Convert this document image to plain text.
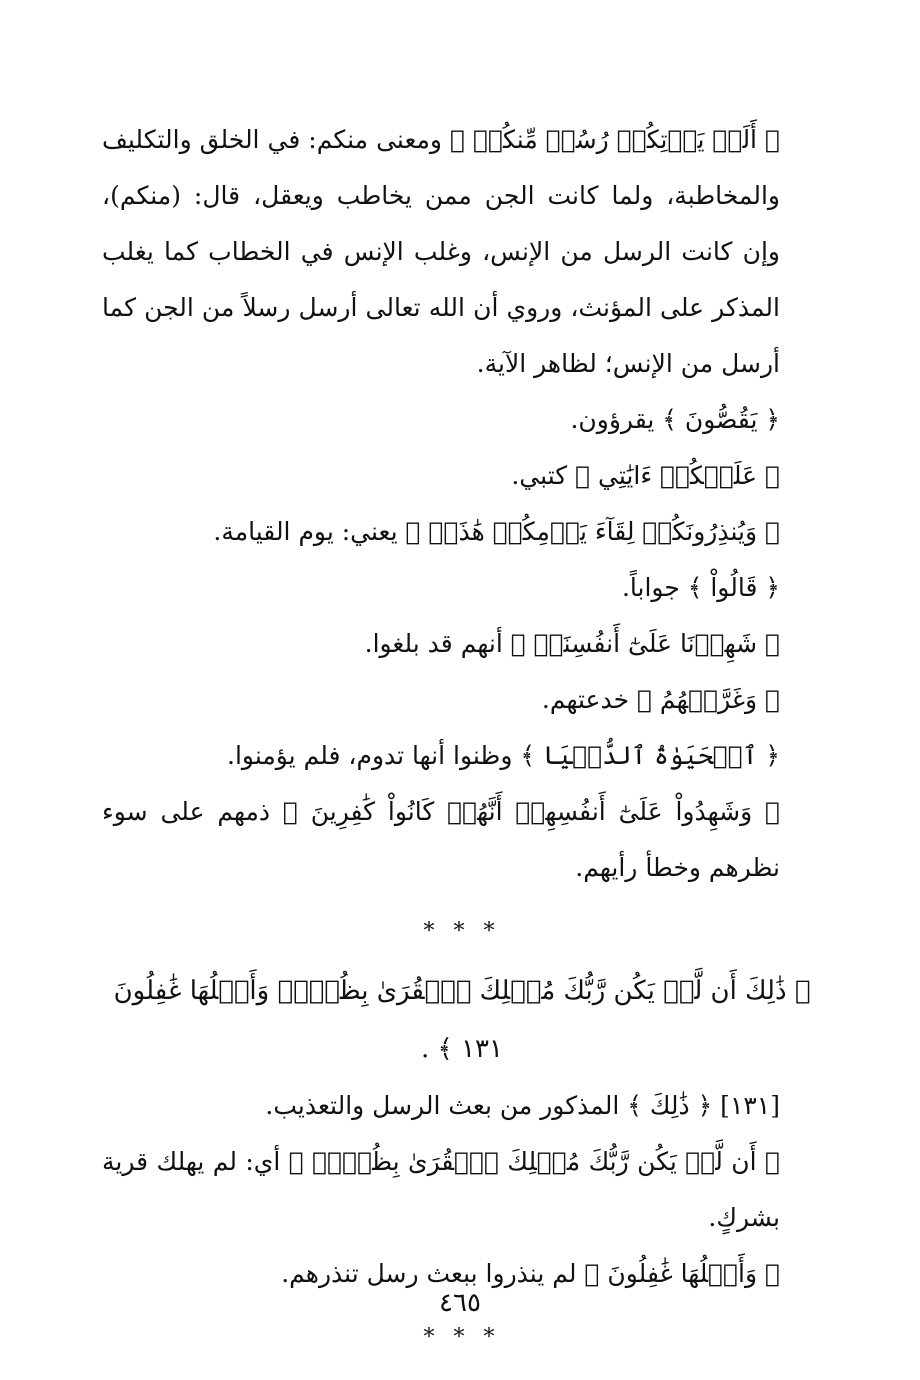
﴿ أَلَمۡ يَأۡتِكُمۡ رُسُلٞ مِّنكُمۡ ﴾ ومعنى منكم: في الخلق والتكليف والمخاطبة، ولما كانت الجن ممن يخاطب ويعقل، قال: (منكم)، وإن كانت الرسل من الإنس، وغلب الإنس في الخطاب كما يغلب المذكر على المؤنث، وروي أن الله تعالى أرسل رسلاً من الجن كما أرسل من الإنس؛ لظاهر الآية.

﴿ يَقُصُّونَ ﴾ يقرؤون.

﴿ عَلَيۡكُمۡ ءَايَٰتِي ﴾ كتبي.

﴿ وَيُنذِرُونَكُمۡ لِقَآءَ يَوۡمِكُمۡ هَٰذَاۚ ﴾ يعني: يوم القيامة.

﴿ قَالُواْ ﴾ جواباً.

﴿ شَهِدۡنَا عَلَىٰٓ أَنفُسِنَاۖ ﴾ أنهم قد بلغوا.

﴿ وَغَرَّتۡهُمُ ﴾ خدعتهم.

﴿ ٱلۡحَيَوٰةُ ٱلدُّنۡيَا ﴾ وظنوا أنها تدوم، فلم يؤمنوا.

﴿ وَشَهِدُواْ عَلَىٰٓ أَنفُسِهِمۡ أَنَّهُمۡ كَانُواْ كَٰفِرِينَ ﴾ ذمهم على سوء نظرهم وخطأ رأيهم.

* * *

﴿ ذَٰلِكَ أَن لَّمۡ يَكُن رَّبُّكَ مُهۡلِكَ ٱلۡقُرَىٰ بِظُلۡمٖ وَأَهۡلُهَا غَٰفِلُونَ ١٣١ ﴾ .

[١٣١] ﴿ ذَٰلِكَ ﴾ المذكور من بعث الرسل والتعذيب.

﴿ أَن لَّمۡ يَكُن رَّبُّكَ مُهۡلِكَ ٱلۡقُرَىٰ بِظُلۡمٖ ﴾ أي: لم يهلك قرية بشركٍ.

﴿ وَأَهۡلُهَا غَٰفِلُونَ ﴾ لم ينذروا ببعث رسل تنذرهم.

* * *
٤٦٥
